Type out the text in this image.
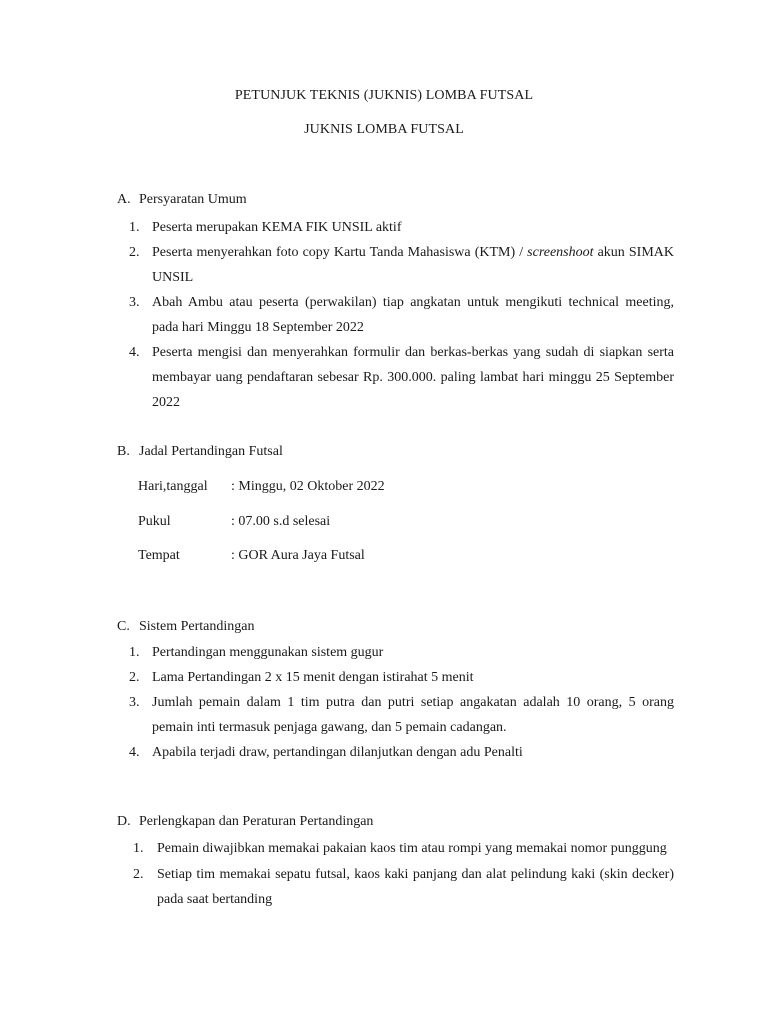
PETUNJUK TEKNIS (JUKNIS) LOMBA FUTSAL
JUKNIS LOMBA FUTSAL
A. Persyaratan Umum
1. Peserta merupakan KEMA FIK UNSIL aktif
2. Peserta menyerahkan foto copy Kartu Tanda Mahasiswa (KTM) / screenshoot akun SIMAK UNSIL
3. Abah Ambu atau peserta (perwakilan) tiap angkatan untuk mengikuti technical meeting, pada hari Minggu 18 September 2022
4. Peserta mengisi dan menyerahkan formulir dan berkas-berkas yang sudah di siapkan serta membayar uang pendaftaran sebesar Rp. 300.000. paling lambat hari minggu 25 September 2022
B. Jadal Pertandingan Futsal
Hari,tanggal : Minggu, 02 Oktober 2022
Pukul	: 07.00 s.d selesai
Tempat	: GOR Aura Jaya Futsal
C. Sistem Pertandingan
1. Pertandingan menggunakan sistem gugur
2. Lama Pertandingan 2 x 15 menit dengan istirahat 5 menit
3. Jumlah pemain dalam 1 tim putra dan putri setiap angakatan adalah 10 orang, 5 orang pemain inti termasuk penjaga gawang, dan 5 pemain cadangan.
4. Apabila terjadi draw, pertandingan dilanjutkan dengan adu Penalti
D. Perlengkapan dan Peraturan Pertandingan
1. Pemain diwajibkan memakai pakaian kaos tim atau rompi yang memakai nomor punggung
2. Setiap tim memakai sepatu futsal, kaos kaki panjang dan alat pelindung kaki (skin decker) pada saat bertanding
